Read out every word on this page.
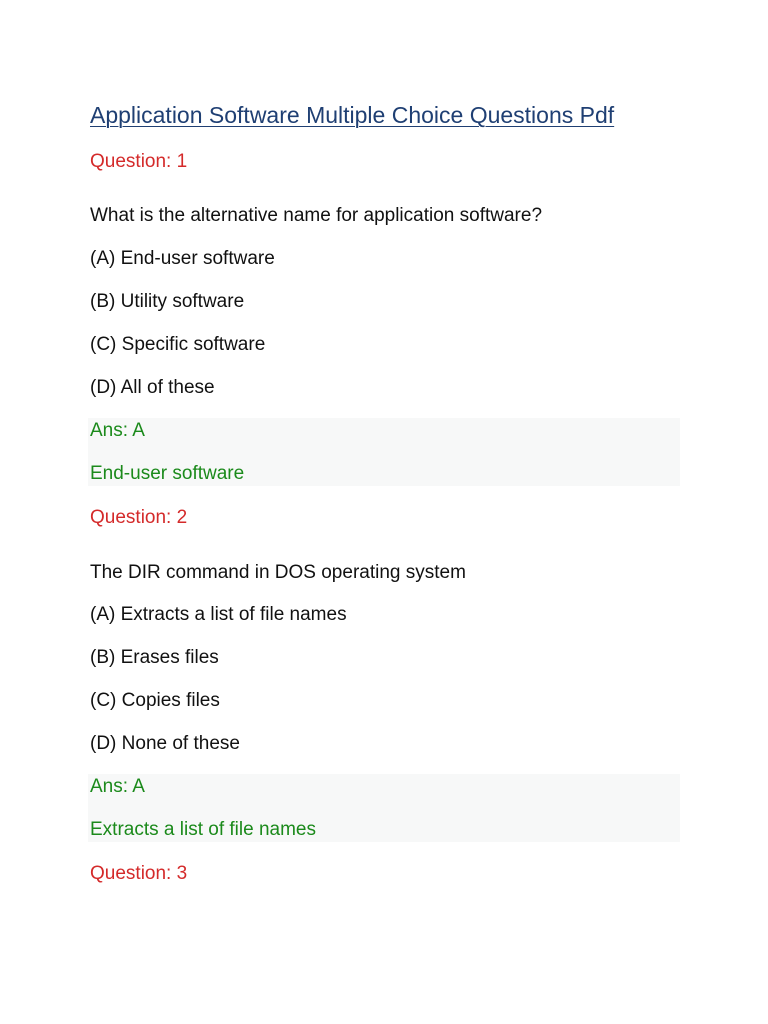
Application Software Multiple Choice Questions Pdf
Question: 1
What is the alternative name for application software?
(A) End-user software
(B) Utility software
(C) Specific software
(D) All of these
Ans: A
End-user software
Question: 2
The DIR command in DOS operating system
(A) Extracts a list of file names
(B) Erases files
(C) Copies files
(D) None of these
Ans: A
Extracts a list of file names
Question: 3
